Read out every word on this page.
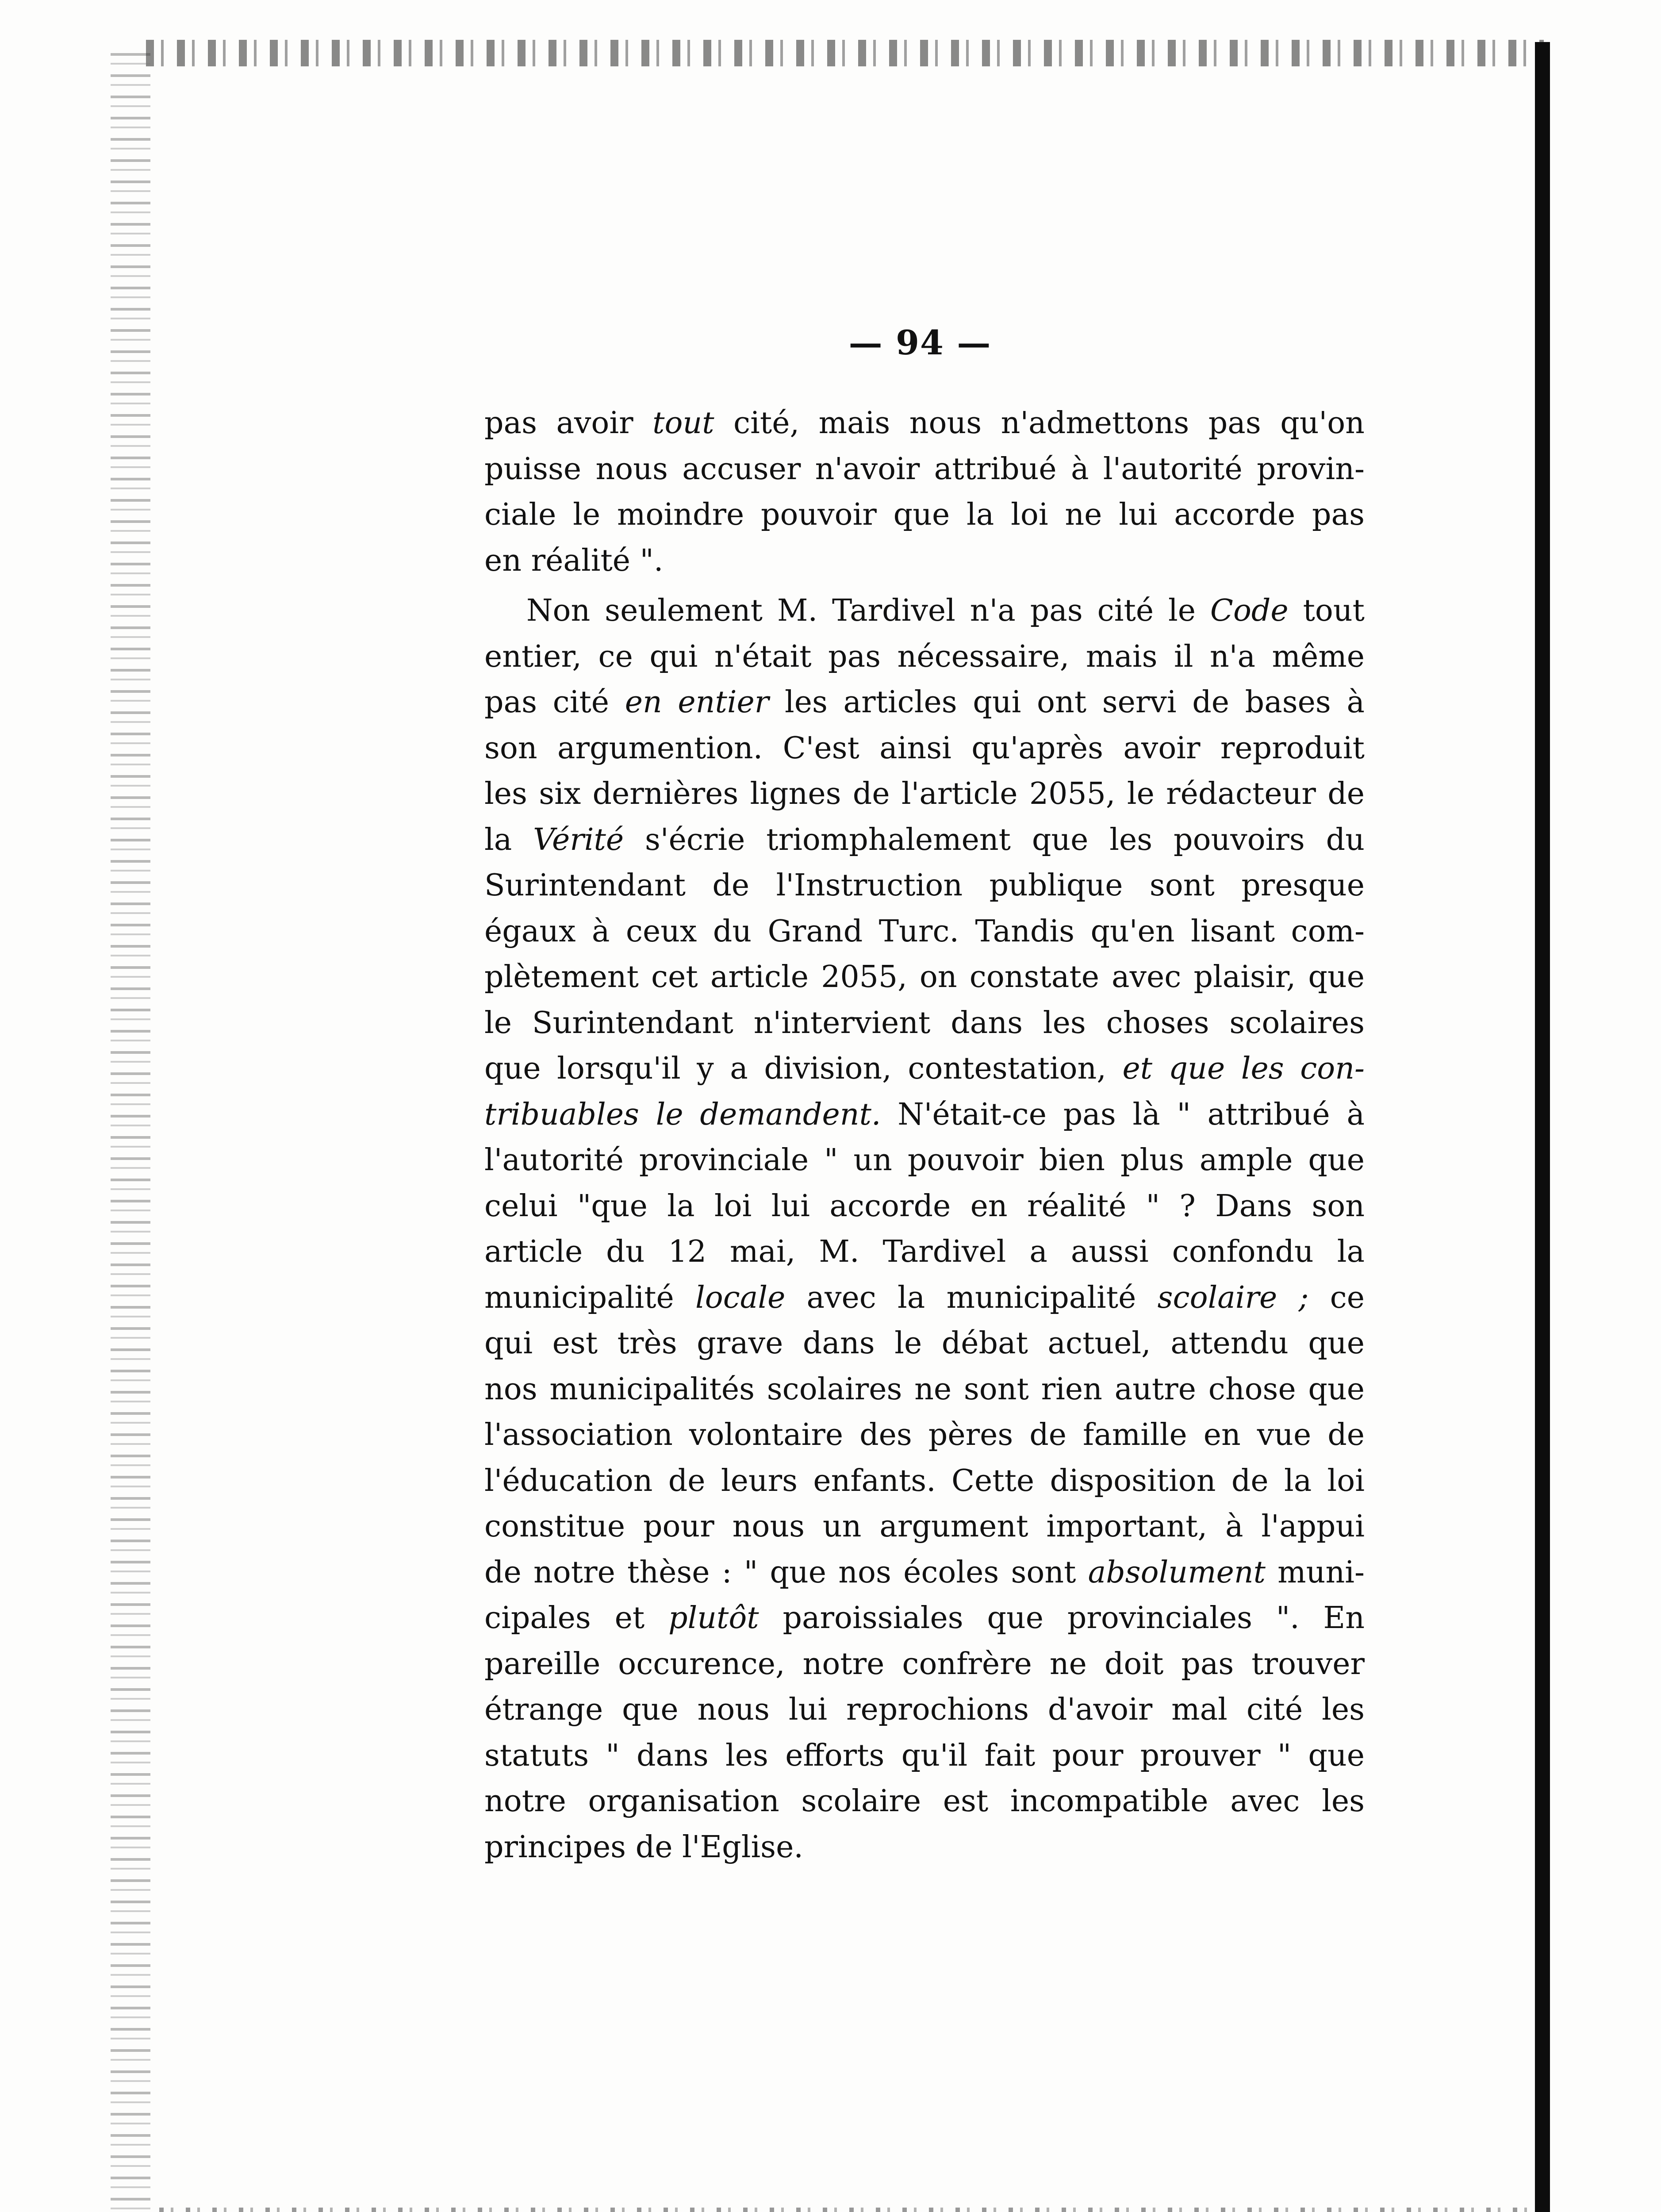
— 94 —

pas avoir tout cité, mais nous n'admettons pas qu'on
puisse nous accuser n'avoir attribué à l'autorité provin-
ciale le moindre pouvoir que la loi ne lui accorde pas
en réalité ".

Non seulement M. Tardivel n'a pas cité le Code tout
entier, ce qui n'était pas nécessaire, mais il n'a même
pas cité en entier les articles qui ont servi de bases à
son argumention. C'est ainsi qu'après avoir reproduit
les six dernières lignes de l'article 2055, le rédacteur de
la Vérité s'écrie triomphalement que les pouvoirs du
Surintendant de l'Instruction publique sont presque
égaux à ceux du Grand Turc. Tandis qu'en lisant com-
plètement cet article 2055, on constate avec plaisir, que
le Surintendant n'intervient dans les choses scolaires
que lorsqu'il y a division, contestation, et que les con-
tribuables le demandent. N'était-ce pas là " attribué à
l'autorité provinciale " un pouvoir bien plus ample que
celui "que la loi lui accorde en réalité " ? Dans son
article du 12 mai, M. Tardivel a aussi confondu la
municipalité locale avec la municipalité scolaire ; ce
qui est très grave dans le débat actuel, attendu que
nos municipalités scolaires ne sont rien autre chose que
l'association volontaire des pères de famille en vue de
l'éducation de leurs enfants. Cette disposition de la loi
constitue pour nous un argument important, à l'appui
de notre thèse : " que nos écoles sont absolument muni-
cipales et plutôt paroissiales que provinciales ". En
pareille occurence, notre confrère ne doit pas trouver
étrange que nous lui reprochions d'avoir mal cité les
statuts " dans les efforts qu'il fait pour prouver " que
notre organisation scolaire est incompatible avec les
principes de l'Eglise.
